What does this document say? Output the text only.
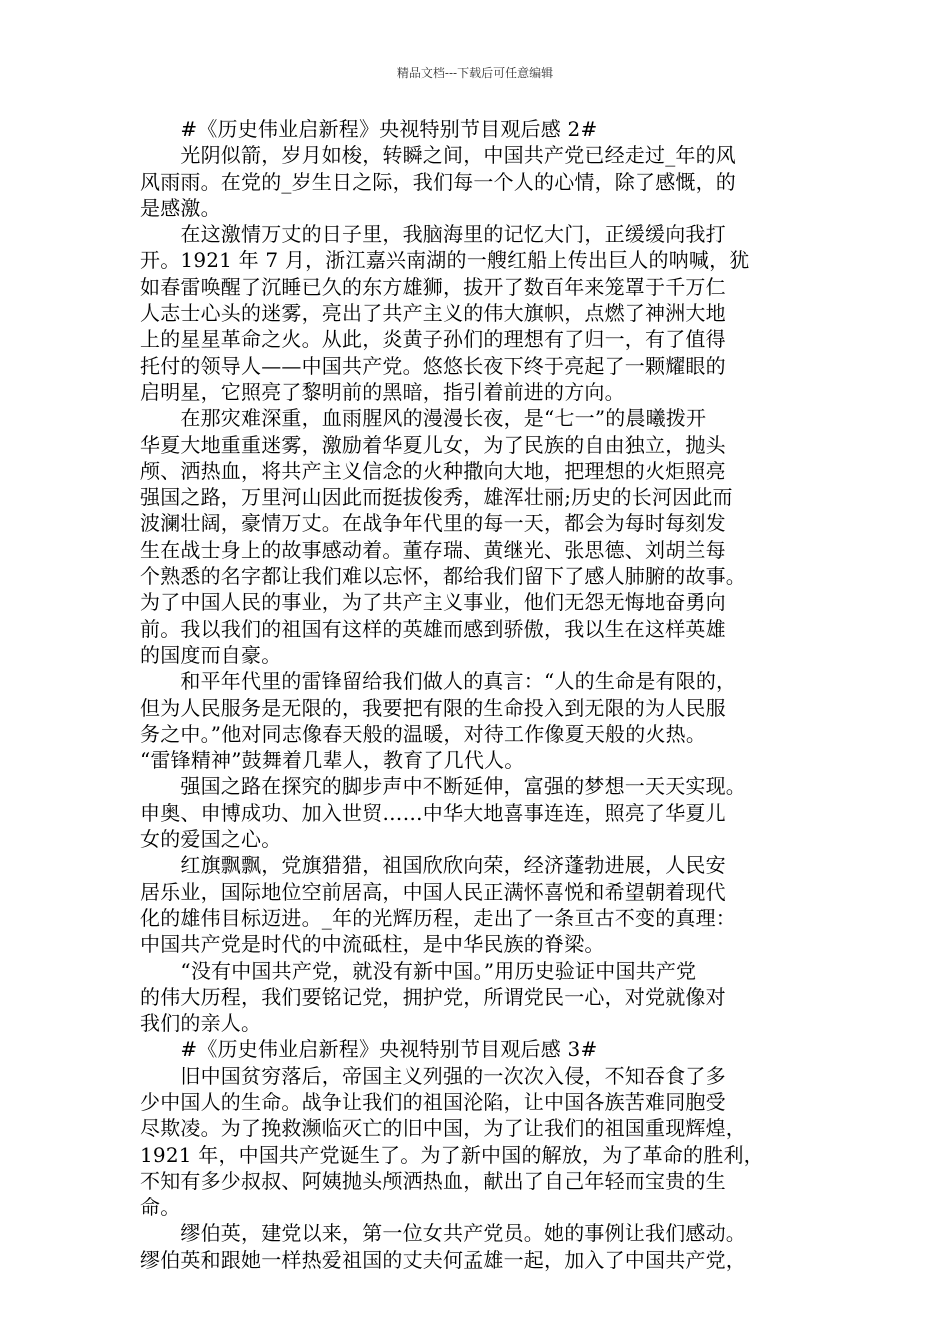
精品文档---下载后可任意编辑
　　#《历史伟业启新程》央视特别节目观后感 2#
　　光阴似箭，岁月如梭，转瞬之间，中国共产党已经走过_年的风
风雨雨。在党的_岁生日之际，我们每一个人的心情，除了感慨，的
是感激。
　　在这激情万丈的日子里，我脑海里的记忆大门，正缓缓向我打
开。1921 年 7 月，浙江嘉兴南湖的一艘红船上传出巨人的呐喊，犹
如春雷唤醒了沉睡已久的东方雄狮，拔开了数百年来笼罩于千万仁
人志士心头的迷雾，亮出了共产主义的伟大旗帜，点燃了神洲大地
上的星星革命之火。从此，炎黄子孙们的理想有了归一，有了值得
托付的领导人——中国共产党。悠悠长夜下终于亮起了一颗耀眼的
启明星，它照亮了黎明前的黑暗，指引着前进的方向。
　　在那灾难深重，血雨腥风的漫漫长夜，是“七一”的晨曦拨开
华夏大地重重迷雾，激励着华夏儿女，为了民族的自由独立，抛头
颅、洒热血，将共产主义信念的火种撒向大地，把理想的火炬照亮
强国之路，万里河山因此而挺拔俊秀，雄浑壮丽;历史的长河因此而
波澜壮阔，豪情万丈。在战争年代里的每一天，都会为每时每刻发
生在战士身上的故事感动着。董存瑞、黄继光、张思德、刘胡兰每
个熟悉的名字都让我们难以忘怀，都给我们留下了感人肺腑的故事。
为了中国人民的事业，为了共产主义事业，他们无怨无悔地奋勇向
前。我以我们的祖国有这样的英雄而感到骄傲，我以生在这样英雄
的国度而自豪。
　　和平年代里的雷锋留给我们做人的真言：“人的生命是有限的，
但为人民服务是无限的，我要把有限的生命投入到无限的为人民服
务之中。”他对同志像春天般的温暖，对待工作像夏天般的火热。
“雷锋精神”鼓舞着几辈人，教育了几代人。
　　强国之路在探究的脚步声中不断延伸，富强的梦想一天天实现。
申奥、申博成功、加入世贸……中华大地喜事连连，照亮了华夏儿
女的爱国之心。
　　红旗飘飘，党旗猎猎，祖国欣欣向荣，经济蓬勃进展，人民安
居乐业，国际地位空前居高，中国人民正满怀喜悦和希望朝着现代
化的雄伟目标迈进。_年的光辉历程，走出了一条亘古不变的真理：
中国共产党是时代的中流砥柱，是中华民族的脊梁。
　　“没有中国共产党，就没有新中国。”用历史验证中国共产党
的伟大历程，我们要铭记党，拥护党，所谓党民一心，对党就像对
我们的亲人。
　　#《历史伟业启新程》央视特别节目观后感 3#
　　旧中国贫穷落后，帝国主义列强的一次次入侵，不知吞食了多
少中国人的生命。战争让我们的祖国沦陷，让中国各族苦难同胞受
尽欺凌。为了挽救濒临灭亡的旧中国，为了让我们的祖国重现辉煌，
1921 年，中国共产党诞生了。为了新中国的解放，为了革命的胜利，
不知有多少叔叔、阿姨抛头颅洒热血，献出了自己年轻而宝贵的生
命。
　　缪伯英，建党以来，第一位女共产党员。她的事例让我们感动。
缪伯英和跟她一样热爱祖国的丈夫何孟雄一起，加入了中国共产党，
